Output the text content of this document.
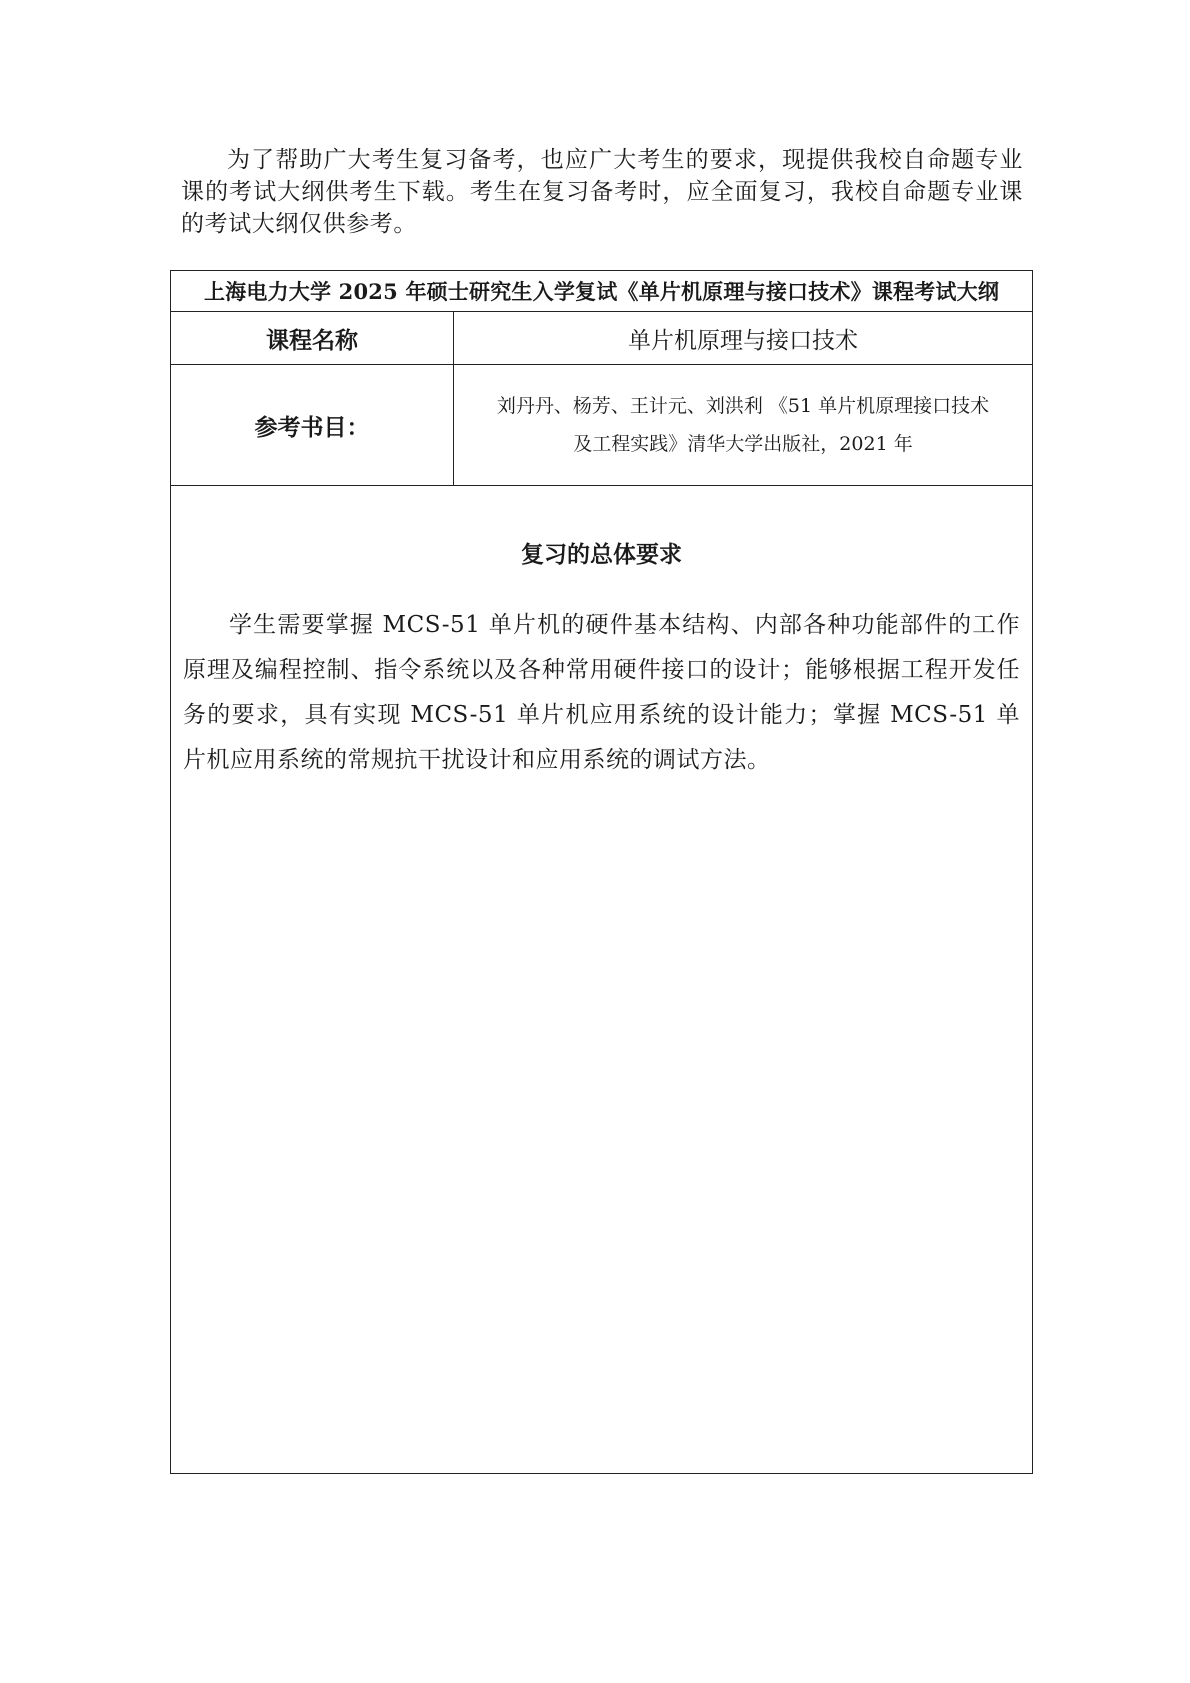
为了帮助广大考生复习备考，也应广大考生的要求，现提供我校自命题专业课的考试大纲供考生下载。考生在复习备考时，应全面复习，我校自命题专业课的考试大纲仅供参考。

上海电力大学 2025 年硕士研究生入学复试《单片机原理与接口技术》课程考试大纲	
课程名称	单片机原理与接口技术
参考书目：	刘丹丹、杨芳、王计元、刘洪利 《51 单片机原理接口技术
及工程实践》清华大学出版社，2021 年

复习的总体要求

学生需要掌握 MCS-51 单片机的硬件基本结构、内部各种功能部件的工作原理及编程控制、指令系统以及各种常用硬件接口的设计；能够根据工程开发任务的要求，具有实现 MCS-51 单片机应用系统的设计能力；掌握 MCS-51 单片机应用系统的常规抗干扰设计和应用系统的调试方法。	
